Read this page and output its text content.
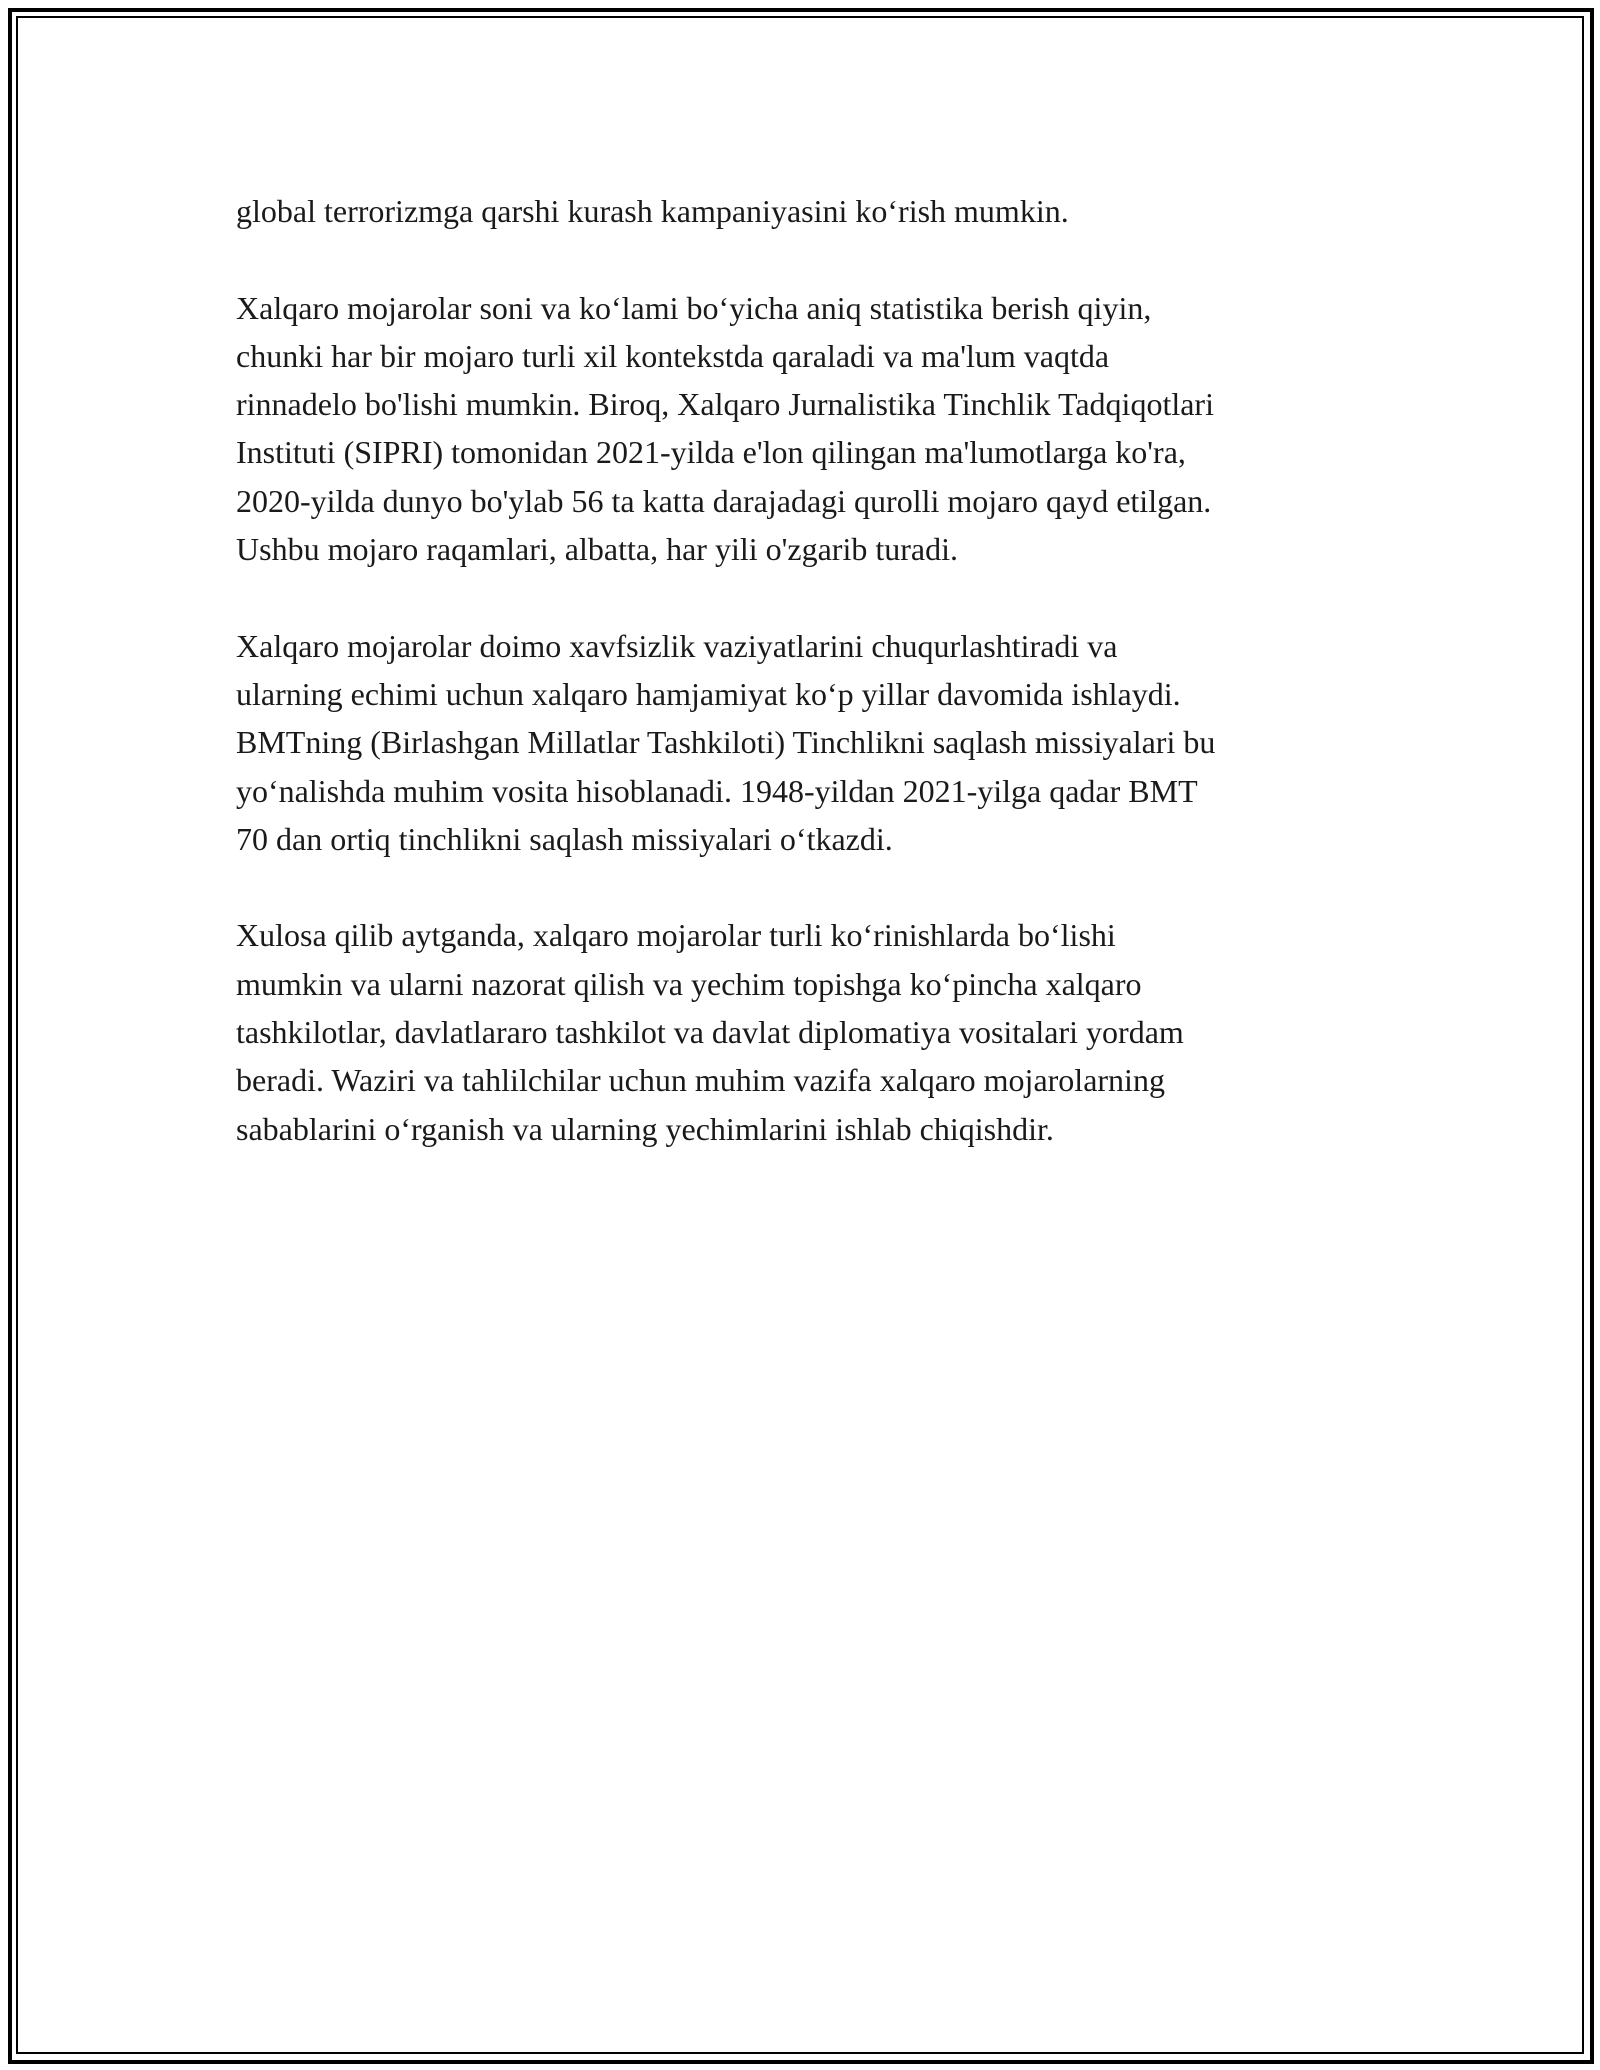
global terrorizmga qarshi kurash kampaniyasini koʻrish mumkin.

Xalqaro mojarolar soni va koʻlami boʻyicha aniq statistika berish qiyin,
chunki har bir mojaro turli xil kontekstda qaraladi va ma'lum vaqtda
rinnadelo bo'lishi mumkin. Biroq, Xalqaro Jurnalistika Tinchlik Tadqiqotlari
Instituti (SIPRI) tomonidan 2021-yilda e'lon qilingan ma'lumotlarga ko'ra,
2020-yilda dunyo bo'ylab 56 ta katta darajadagi qurolli mojaro qayd etilgan.
Ushbu mojaro raqamlari, albatta, har yili o'zgarib turadi.

Xalqaro mojarolar doimo xavfsizlik vaziyatlarini chuqurlashtiradi va
ularning echimi uchun xalqaro hamjamiyat koʻp yillar davomida ishlaydi.
BMTning (Birlashgan Millatlar Tashkiloti) Tinchlikni saqlash missiyalari bu
yoʻnalishda muhim vosita hisoblanadi. 1948-yildan 2021-yilga qadar BMT
70 dan ortiq tinchlikni saqlash missiyalari oʻtkazdi.

Xulosa qilib aytganda, xalqaro mojarolar turli koʻrinishlarda boʻlishi
mumkin va ularni nazorat qilish va yechim topishga koʻpincha xalqaro
tashkilotlar, davlatlararo tashkilot va davlat diplomatiya vositalari yordam
beradi. Waziri va tahlilchilar uchun muhim vazifa xalqaro mojarolarning
sabablarini oʻrganish va ularning yechimlarini ishlab chiqishdir.
